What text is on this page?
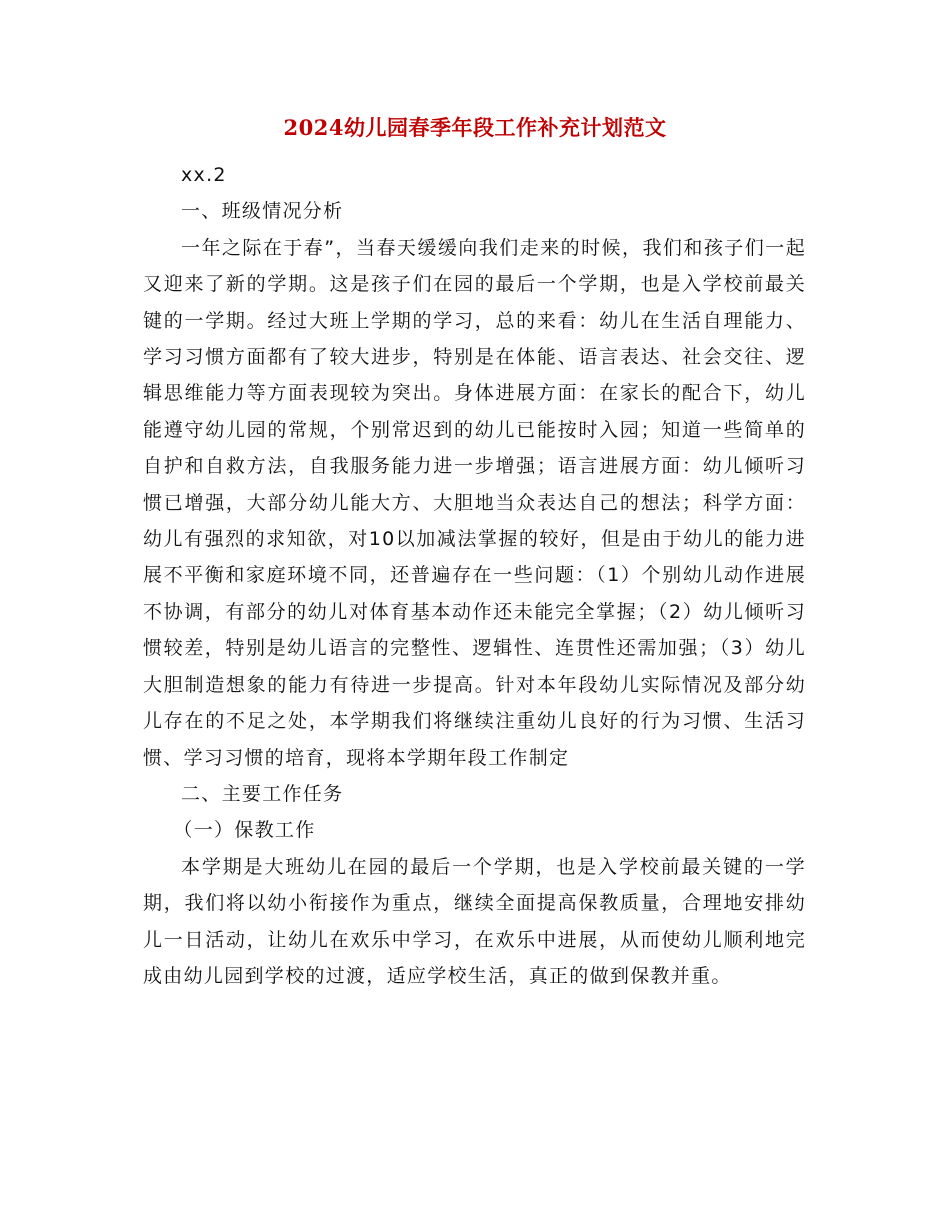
2024幼儿园春季年段工作补充计划范文

xx.2

一、班级情况分析

一年之际在于春”，当春天缓缓向我们走来的时候，我们和孩子们一起又迎来了新的学期。这是孩子们在园的最后一个学期，也是入学校前最关键的一学期。经过大班上学期的学习，总的来看：幼儿在生活自理能力、学习习惯方面都有了较大进步，特别是在体能、语言表达、社会交往、逻辑思维能力等方面表现较为突出。身体进展方面：在家长的配合下，幼儿能遵守幼儿园的常规，个别常迟到的幼儿已能按时入园；知道一些简单的自护和自救方法，自我服务能力进一步增强；语言进展方面：幼儿倾听习惯已增强，大部分幼儿能大方、大胆地当众表达自己的想法；科学方面：幼儿有强烈的求知欲，对10以加减法掌握的较好，但是由于幼儿的能力进展不平衡和家庭环境不同，还普遍存在一些问题：（1）个别幼儿动作进展不协调，有部分的幼儿对体育基本动作还未能完全掌握；（2）幼儿倾听习惯较差，特别是幼儿语言的完整性、逻辑性、连贯性还需加强；（3）幼儿大胆制造想象的能力有待进一步提高。针对本年段幼儿实际情况及部分幼儿存在的不足之处，本学期我们将继续注重幼儿良好的行为习惯、生活习惯、学习习惯的培育，现将本学期年段工作制定

二、主要工作任务

（一）保教工作

本学期是大班幼儿在园的最后一个学期，也是入学校前最关键的一学期，我们将以幼小衔接作为重点，继续全面提高保教质量，合理地安排幼儿一日活动，让幼儿在欢乐中学习，在欢乐中进展，从而使幼儿顺利地完成由幼儿园到学校的过渡，适应学校生活，真正的做到保教并重。
